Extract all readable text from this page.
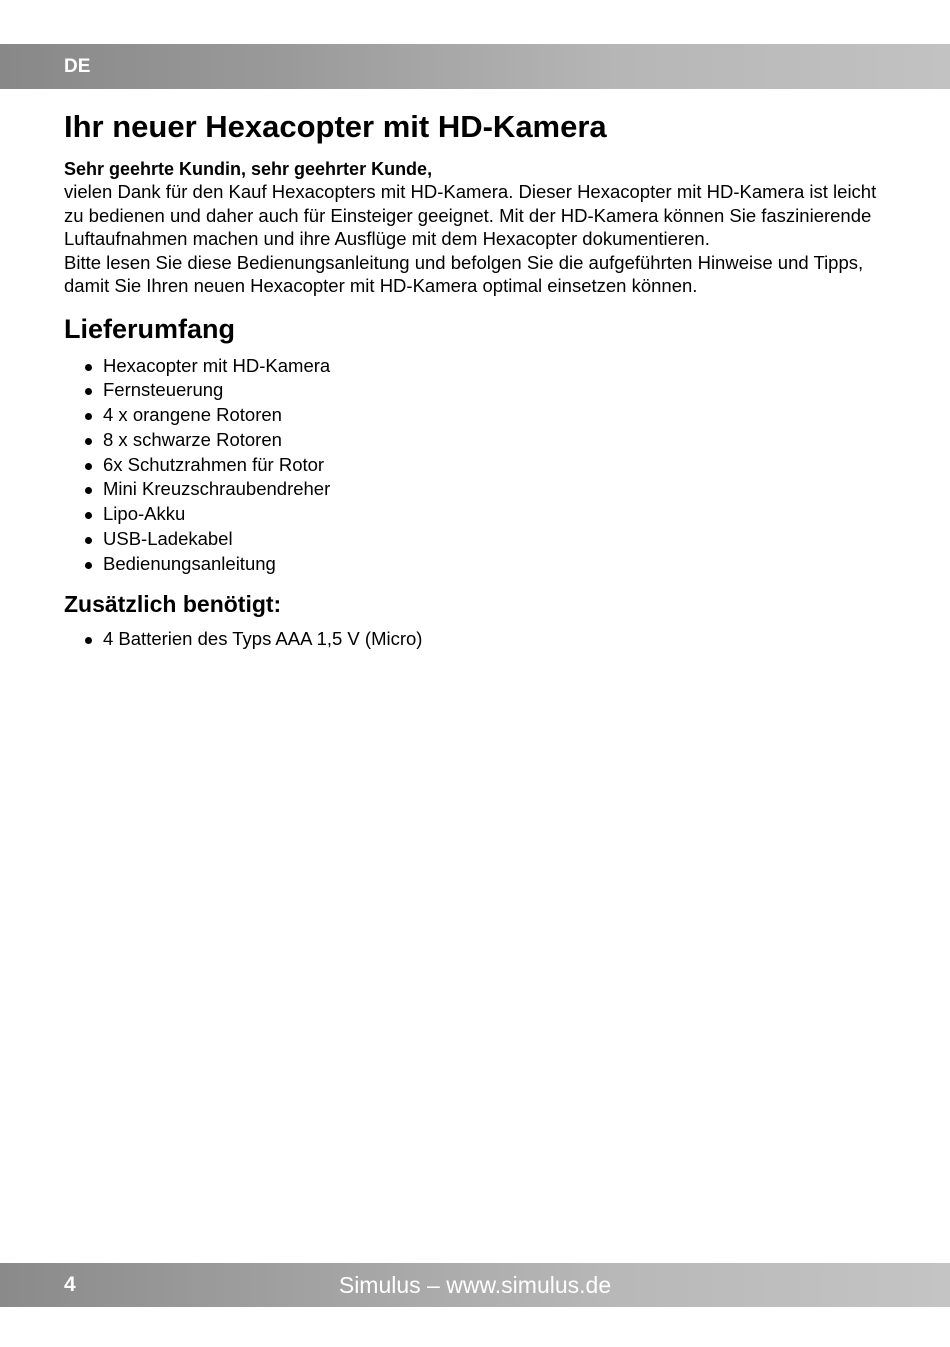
DE
Ihr neuer Hexacopter mit HD-Kamera

Sehr geehrte Kundin, sehr geehrter Kunde,

vielen Dank für den Kauf Hexacopters mit HD-Kamera. Dieser Hexacopter mit HD-Kamera ist leicht zu bedienen und daher auch für Einsteiger geeignet. Mit der HD-Kamera können Sie faszinierende Luftaufnahmen machen und ihre Ausflüge mit dem Hexacopter dokumentieren.

Bitte lesen Sie diese Bedienungsanleitung und befolgen Sie die aufgeführten Hinweise und Tipps, damit Sie Ihren neuen Hexacopter mit HD-Kamera optimal einsetzen können.

Lieferumfang
Hexacopter mit HD-Kamera
Fernsteuerung
4 x orangene Rotoren
8 x schwarze Rotoren
6x Schutzrahmen für Rotor
Mini Kreuzschraubendreher
Lipo-Akku
USB-Ladekabel
Bedienungsanleitung
Zusätzlich benötigt:
4 Batterien des Typs AAA 1,5 V (Micro)
4	Simulus – www.simulus.de
